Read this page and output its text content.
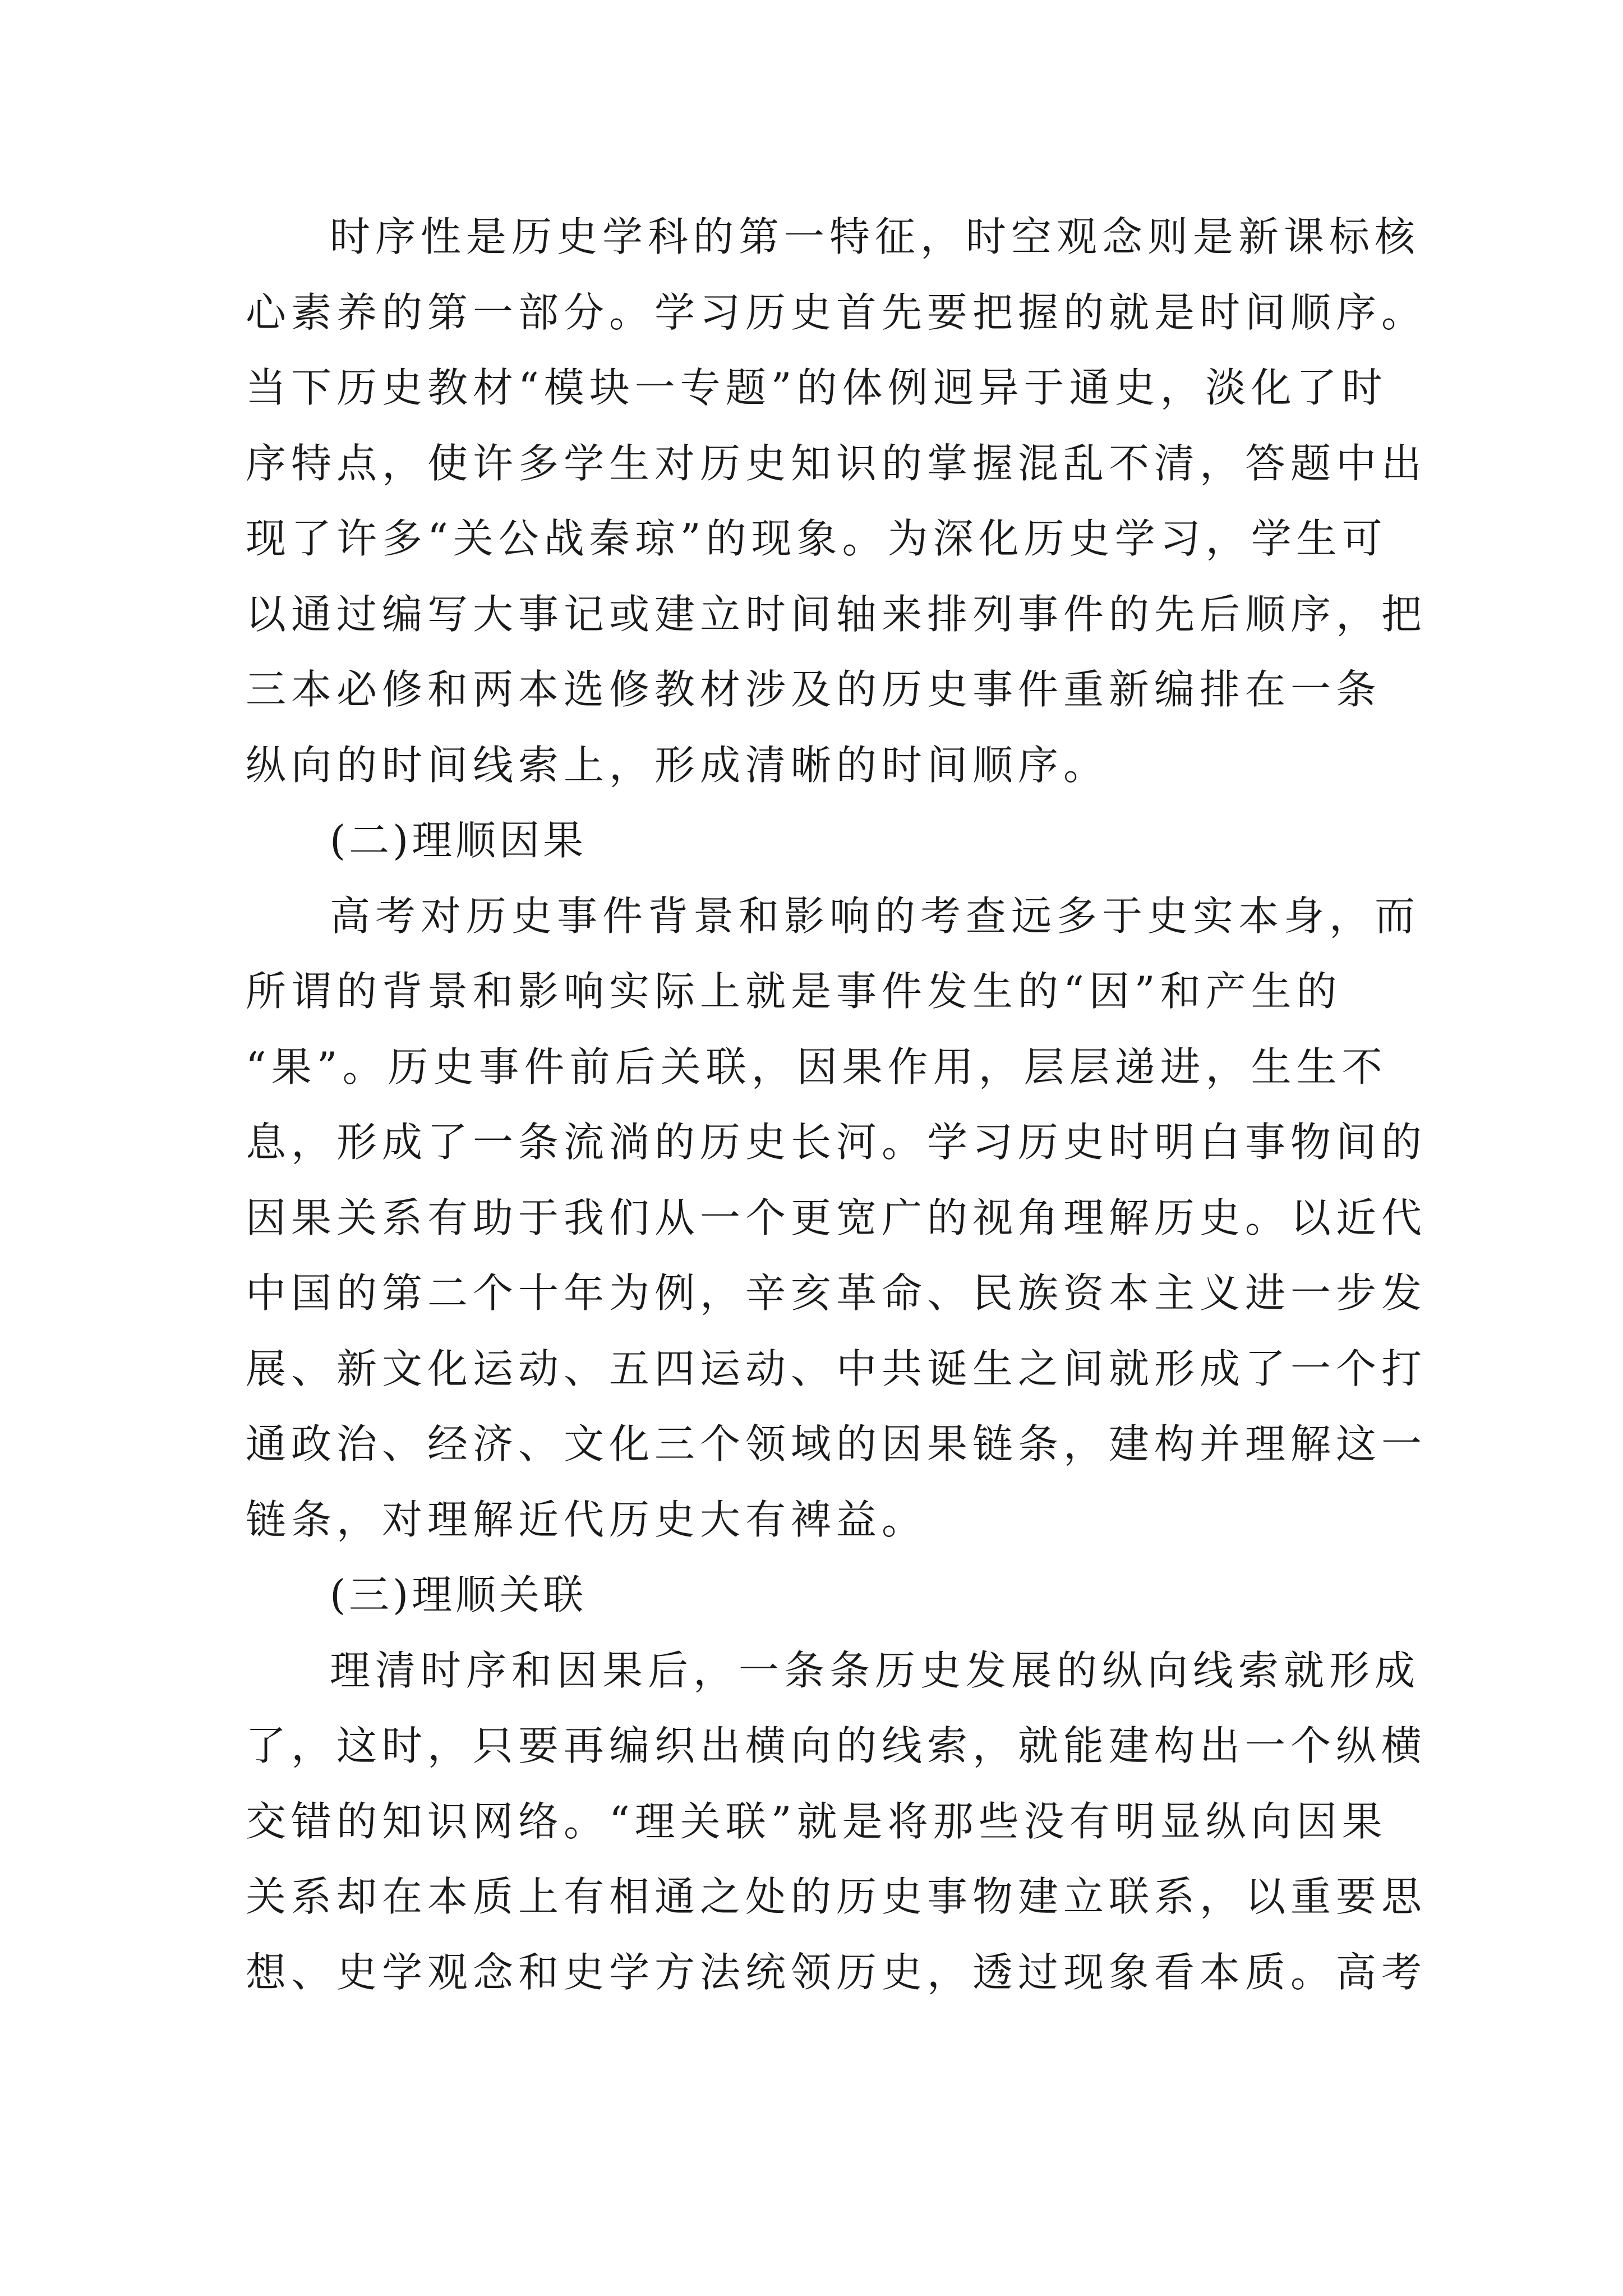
时序性是历史学科的第一特征，时空观念则是新课标核
心素养的第一部分。学习历史首先要把握的就是时间顺序。
当下历史教材“模块一专题”的体例迥异于通史，淡化了时
序特点，使许多学生对历史知识的掌握混乱不清，答题中出
现了许多“关公战秦琼”的现象。为深化历史学习，学生可
以通过编写大事记或建立时间轴来排列事件的先后顺序，把
三本必修和两本选修教材涉及的历史事件重新编排在一条
纵向的时间线索上，形成清晰的时间顺序。
(二)理顺因果
高考对历史事件背景和影响的考查远多于史实本身，而
所谓的背景和影响实际上就是事件发生的“因”和产生的
“果”。历史事件前后关联，因果作用，层层递进，生生不
息，形成了一条流淌的历史长河。学习历史时明白事物间的
因果关系有助于我们从一个更宽广的视角理解历史。以近代
中国的第二个十年为例，辛亥革命、民族资本主义进一步发
展、新文化运动、五四运动、中共诞生之间就形成了一个打
通政治、经济、文化三个领域的因果链条，建构并理解这一
链条，对理解近代历史大有裨益。
(三)理顺关联
理清时序和因果后，一条条历史发展的纵向线索就形成
了，这时，只要再编织出横向的线索，就能建构出一个纵横
交错的知识网络。“理关联”就是将那些没有明显纵向因果
关系却在本质上有相通之处的历史事物建立联系，以重要思
想、史学观念和史学方法统领历史，透过现象看本质。高考
